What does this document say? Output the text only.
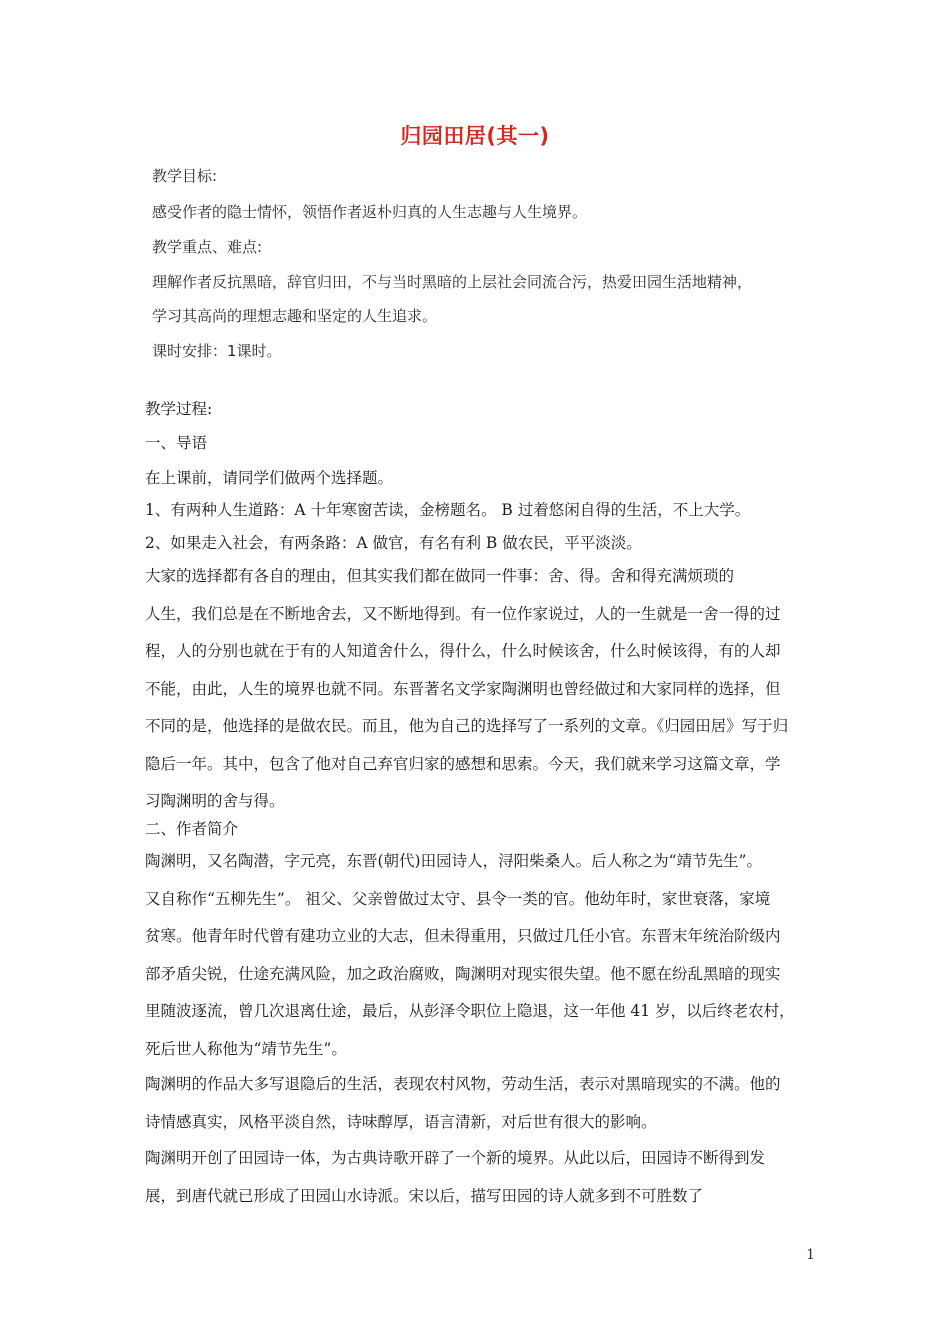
归园田居(其一)
教学目标:
感受作者的隐士情怀，领悟作者返朴归真的人生志趣与人生境界。
教学重点、难点:
理解作者反抗黑暗，辞官归田，不与当时黑暗的上层社会同流合污，热爱田园生活地精神，
学习其高尚的理想志趣和坚定的人生追求。
课时安排：1课时。
教学过程:
一、导语
在上课前，请同学们做两个选择题。
1、有两种人生道路：A 十年寒窗苦读，金榜题名。 B 过着悠闲自得的生活，不上大学。
2、如果走入社会，有两条路：A 做官，有名有利 B 做农民，平平淡淡。
大家的选择都有各自的理由，但其实我们都在做同一件事：舍、得。舍和得充满烦琐的
人生，我们总是在不断地舍去，又不断地得到。有一位作家说过，人的一生就是一舍一得的过
程，人的分别也就在于有的人知道舍什么，得什么，什么时候该舍，什么时候该得，有的人却
不能，由此，人生的境界也就不同。东晋著名文学家陶渊明也曾经做过和大家同样的选择，但
不同的是，他选择的是做农民。而且，他为自己的选择写了一系列的文章。《归园田居》写于归
隐后一年。其中，包含了他对自己弃官归家的感想和思索。今天，我们就来学习这篇文章，学
习陶渊明的舍与得。
二、作者简介
陶渊明，又名陶潜，字元亮，东晋(朝代)田园诗人，浔阳柴桑人。后人称之为“靖节先生”。
又自称作“五柳先生”。 祖父、父亲曾做过太守、县令一类的官。他幼年时，家世衰落，家境
贫寒。他青年时代曾有建功立业的大志，但未得重用，只做过几任小官。东晋末年统治阶级内
部矛盾尖锐，仕途充满风险，加之政治腐败，陶渊明对现实很失望。他不愿在纷乱黑暗的现实
里随波逐流，曾几次退离仕途，最后，从彭泽令职位上隐退，这一年他 41 岁，以后终老农村，
死后世人称他为“靖节先生”。
陶渊明的作品大多写退隐后的生活，表现农村风物，劳动生活，表示对黑暗现实的不满。他的
诗情感真实，风格平淡自然，诗味醇厚，语言清新，对后世有很大的影响。
陶渊明开创了田园诗一体，为古典诗歌开辟了一个新的境界。从此以后，田园诗不断得到发
展，到唐代就已形成了田园山水诗派。宋以后，描写田园的诗人就多到不可胜数了
1
